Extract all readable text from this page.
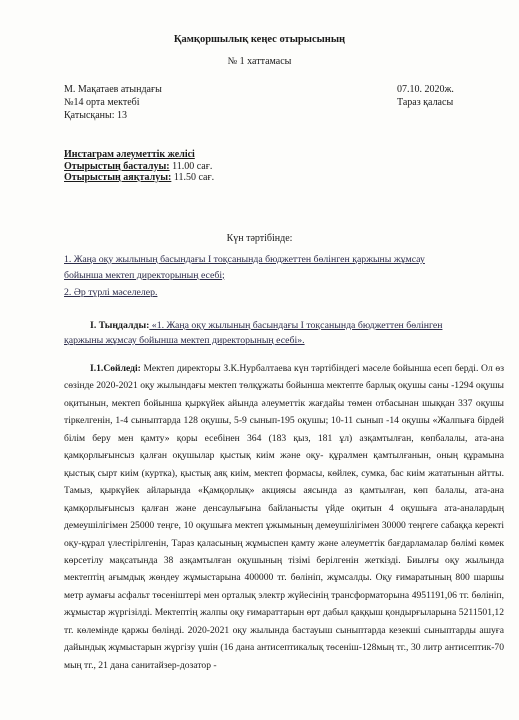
Қамқоршылық кеңес отырысының
№ 1 хаттамасы
М. Мақатаев атындағы
№14 орта мектебі
Қатысқаны: 13
07.10. 2020ж.
Тараз қаласы
Инстаграм әлеуметтік желісі
Отырыстың басталуы: 11.00 сағ.
Отырыстың аяқталуы: 11.50 сағ.
Күн тәртібінде:
1. Жаңа оқу жылының басындағы І тоқсанында бюджеттен бөлінген қаржыны жұмсау
бойынша мектеп директорының есебі;
2. Әр түрлі мәселелер.
І. Тыңдалды: «1. Жаңа оқу жылының басындағы І тоқсанында бюджеттен бөлінген
қаржыны жұмсау бойынша мектеп директорының есебі».
І.1.Сөйледі: Мектеп директоры З.К.Нурбалтаева күн тәртібіндегі мәселе бойынша есеп берді. Ол өз сөзінде 2020-2021 оқу жылындағы мектеп төлқұжаты бойынша мектепте барлық оқушы саны -1294 оқушы оқитынын, мектеп бойынша қыркүйек айында әлеуметтік жағдайы төмен отбасынан шыққан 337 оқушы тіркелгенін, 1-4 сыныптарда 128 оқушы, 5-9 сынып-195 оқушы; 10-11 сынып -14 оқушы «Жалпыға бірдей білім беру мен қамту» қоры есебінен 364 (183 қыз, 181 ұл) азқамтылған, көпбалалы, ата-ана қамқорлығынсыз қалған оқушылар қыстық киім және оқу- құралмен қамтылғанын, оның құрамына қыстық сырт киім (куртка), қыстық аяқ киім, мектеп формасы, көйлек, сумка, бас киім жататынын айтты. Тамыз, қыркүйек айларында «Қамқорлық» акциясы аясында аз қамтылған, көп балалы, ата-ана қамқорлығынсыз қалған және денсаулығына байланысты үйде оқитын 4 оқушыға ата-аналардың демеушілігімен 25000 теңге, 10 оқушыға мектеп ұжымының демеушілігімен 30000 теңгеге сабаққа керекті оқу-құрал үлестірілгенін, Тараз қаласының жұмыспен қамту және әлеуметтік бағдарламалар бөлімі көмек көрсетілу мақсатында 38 азқамтылған оқушының тізімі берілгенін жеткізді. Биылғы оқу жылында мектептің ағымдық жөндеу жұмыстарына 400000 тг. бөлініп, жұмсалды. Оқу ғимаратының 800 шаршы метр аумағы асфальт төсеніштері мен орталық электр жүйесінің трансформаторына 4951191,06 тг. бөлініп, жұмыстар жүргізілді. Мектептің жалпы оқу ғимараттарын өрт дабыл қаққыш қондырғыларына 5211501,12 тг. көлемінде қаржы бөлінді. 2020-2021 оқу жылында бастауыш сыныптарда кезекші сыныптарды ашуға дайындық жұмыстарын жүргізу үшін (16 дана антисептикалық төсеніш-128мың тг., 30 литр антисептик-70 мың тг., 21 дана санитайзер-дозатор -
